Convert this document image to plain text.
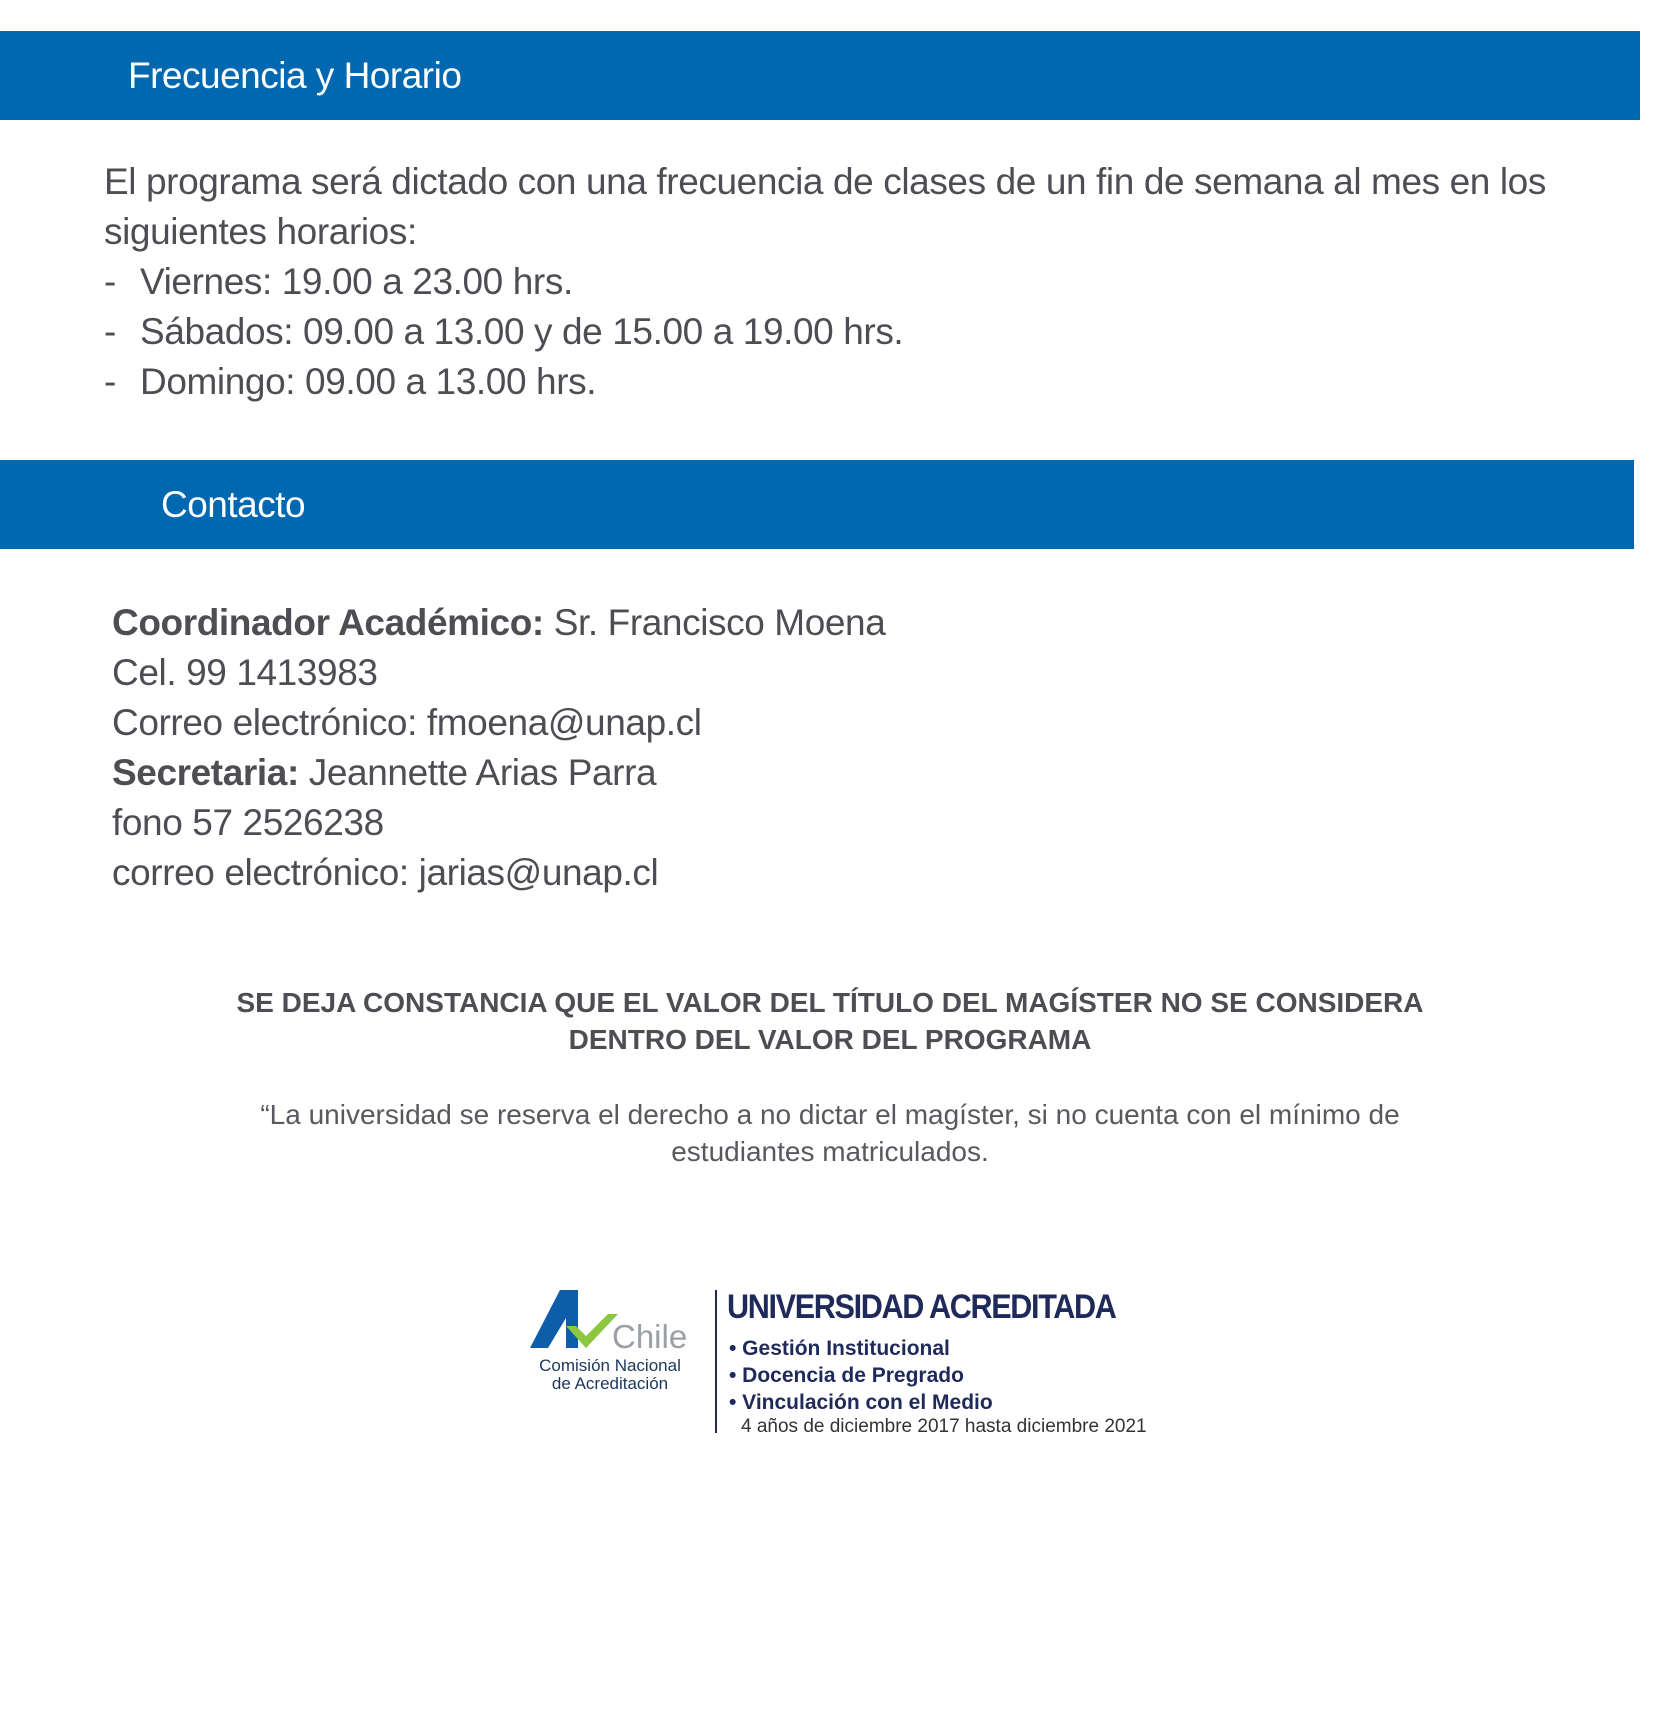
Frecuencia y Horario

El programa será dictado con una frecuencia de clases de un fin de semana al mes en los siguientes horarios:

- Viernes: 19.00 a 23.00 hrs.
- Sábados: 09.00 a 13.00 y de 15.00 a 19.00 hrs.
- Domingo: 09.00 a 13.00 hrs.
Contacto
Coordinador Académico: Sr. Francisco Moena
Cel. 99 1413983
Correo electrónico: fmoena@unap.cl
Secretaria: Jeannette Arias Parra
fono 57 2526238
correo electrónico: jarias@unap.cl
SE DEJA CONSTANCIA QUE EL VALOR DEL TÍTULO DEL MAGÍSTER NO SE CONSIDERA
DENTRO DEL VALOR DEL PROGRAMA
“La universidad se reserva el derecho a no dictar el magíster, si no cuenta con el mínimo de
estudiantes matriculados.
Chile
Comisión Nacional
de Acreditación
UNIVERSIDAD ACREDITADA
• Gestión Institucional
• Docencia de Pregrado
• Vinculación con el Medio
4 años de diciembre 2017 hasta diciembre 2021
